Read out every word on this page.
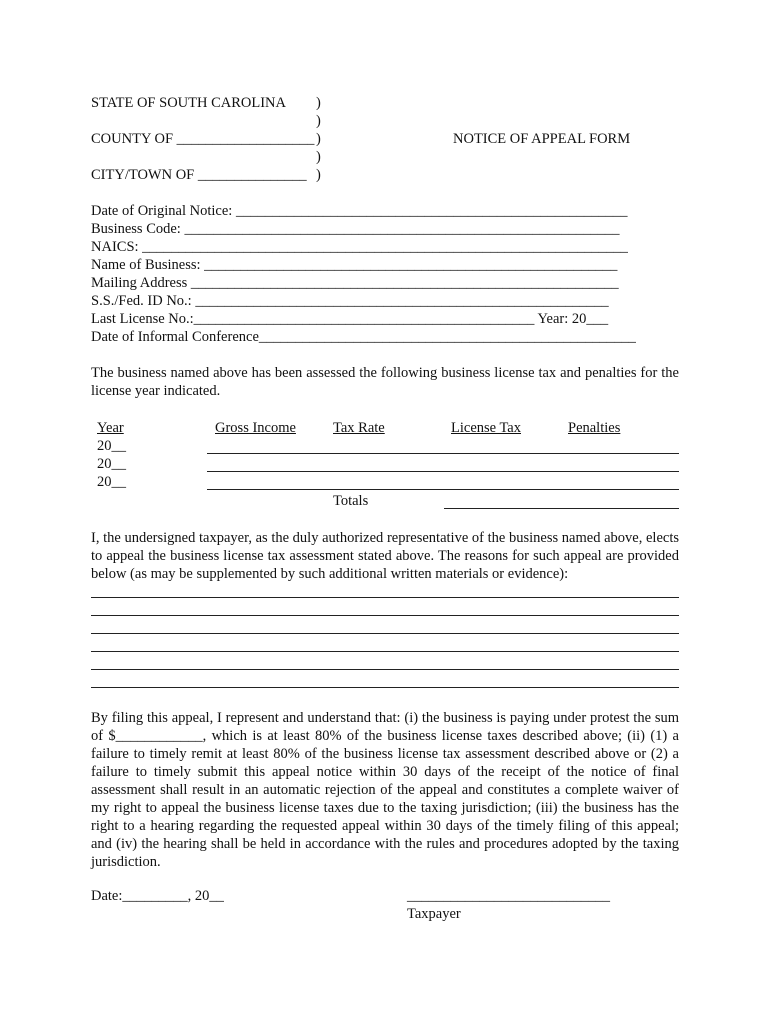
STATE OF SOUTH CAROLINA )
)
COUNTY OF ___________________ )	NOTICE OF APPEAL FORM
)
CITY/TOWN OF _______________ )
Date of Original Notice: ______________________________________________________
Business Code: ____________________________________________________________
NAICS: ___________________________________________________________________
Name of Business: _________________________________________________________
Mailing Address ___________________________________________________________
S.S./Fed. ID No.: _________________________________________________________
Last License No.:_______________________________________________ Year: 20___
Date of Informal Conference____________________________________________________
The business named above has been assessed the following business license tax and penalties for the license year indicated.
Year	Gross Income	Tax Rate	License Tax	Penalties
20__
20__
20__
Totals
I, the undersigned taxpayer, as the duly authorized representative of the business named above, elects to appeal the business license tax assessment stated above. The reasons for such appeal are provided below (as may be supplemented by such additional written materials or evidence):
By filing this appeal, I represent and understand that: (i) the business is paying under protest the sum of $____________, which is at least 80% of the business license taxes described above; (ii) (1) a failure to timely remit at least 80% of the business license tax assessment described above or (2) a failure to timely submit this appeal notice within 30 days of the receipt of the notice of final assessment shall result in an automatic rejection of the appeal and constitutes a complete waiver of my right to appeal the business license taxes due to the taxing jurisdiction; (iii) the business has the right to a hearing regarding the requested appeal within 30 days of the timely filing of this appeal; and (iv) the hearing shall be held in accordance with the rules and procedures adopted by the taxing jurisdiction.
Date:_________, 20__	____________________________
Taxpayer
